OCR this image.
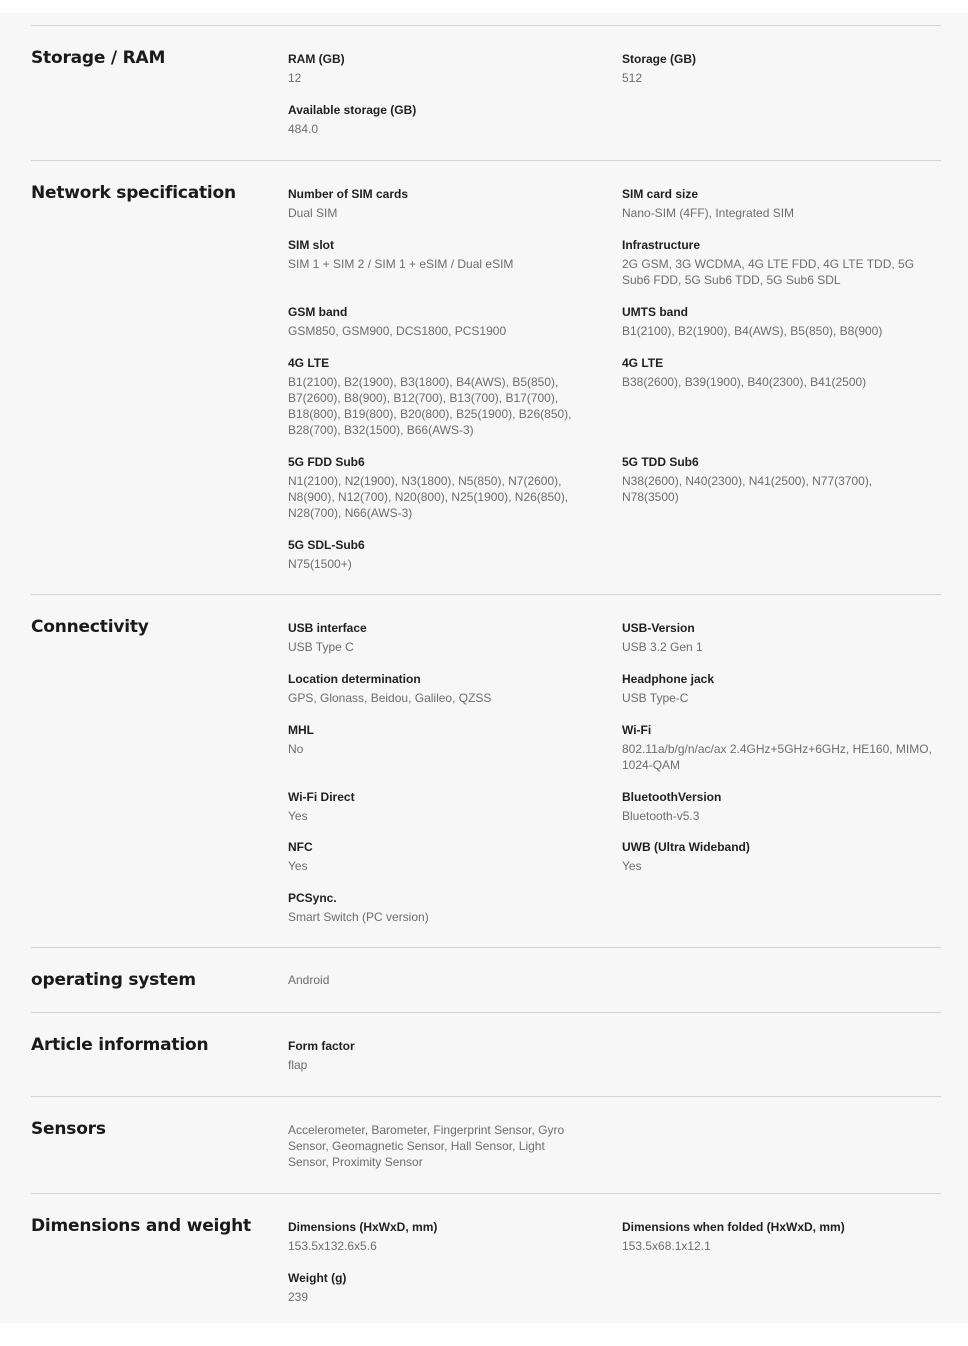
Storage / RAM	RAM (GB)
12
Storage (GB)
512
Available storage (GB)
484.0
Network specification	Number of SIM cards
Dual SIM
SIM card size
Nano-SIM (4FF), Integrated SIM
SIM slot
SIM 1 + SIM 2 / SIM 1 + eSIM / Dual eSIM
Infrastructure
2G GSM, 3G WCDMA, 4G LTE FDD, 4G LTE TDD, 5G Sub6 FDD, 5G Sub6 TDD, 5G Sub6 SDL
GSM band
GSM850, GSM900, DCS1800, PCS1900
UMTS band
B1(2100), B2(1900), B4(AWS), B5(850), B8(900)
4G LTE
B1(2100), B2(1900), B3(1800), B4(AWS), B5(850), B7(2600), B8(900), B12(700), B13(700), B17(700), B18(800), B19(800), B20(800), B25(1900), B26(850), B28(700), B32(1500), B66(AWS-3)
4G LTE
B38(2600), B39(1900), B40(2300), B41(2500)
5G FDD Sub6
N1(2100), N2(1900), N3(1800), N5(850), N7(2600), N8(900), N12(700), N20(800), N25(1900), N26(850), N28(700), N66(AWS-3)
5G TDD Sub6
N38(2600), N40(2300), N41(2500), N77(3700), N78(3500)
5G SDL-Sub6
N75(1500+)
Connectivity	USB interface
USB Type C
USB-Version
USB 3.2 Gen 1
Location determination
GPS, Glonass, Beidou, Galileo, QZSS
Headphone jack
USB Type-C
MHL
No
Wi-Fi
802.11a/b/g/n/ac/ax 2.4GHz+5GHz+6GHz, HE160, MIMO, 1024-QAM
Wi-Fi Direct
Yes
BluetoothVersion
Bluetooth-v5.3
NFC
Yes
UWB (Ultra Wideband)
Yes
PCSync.
Smart Switch (PC version)
operating system	Android
Article information	Form factor
flap
Sensors	Accelerometer, Barometer, Fingerprint Sensor, Gyro Sensor, Geomagnetic Sensor, Hall Sensor, Light Sensor, Proximity Sensor
Dimensions and weight	Dimensions (HxWxD, mm)
153.5x132.6x5.6
Dimensions when folded (HxWxD, mm)
153.5x68.1x12.1
Weight (g)
239
